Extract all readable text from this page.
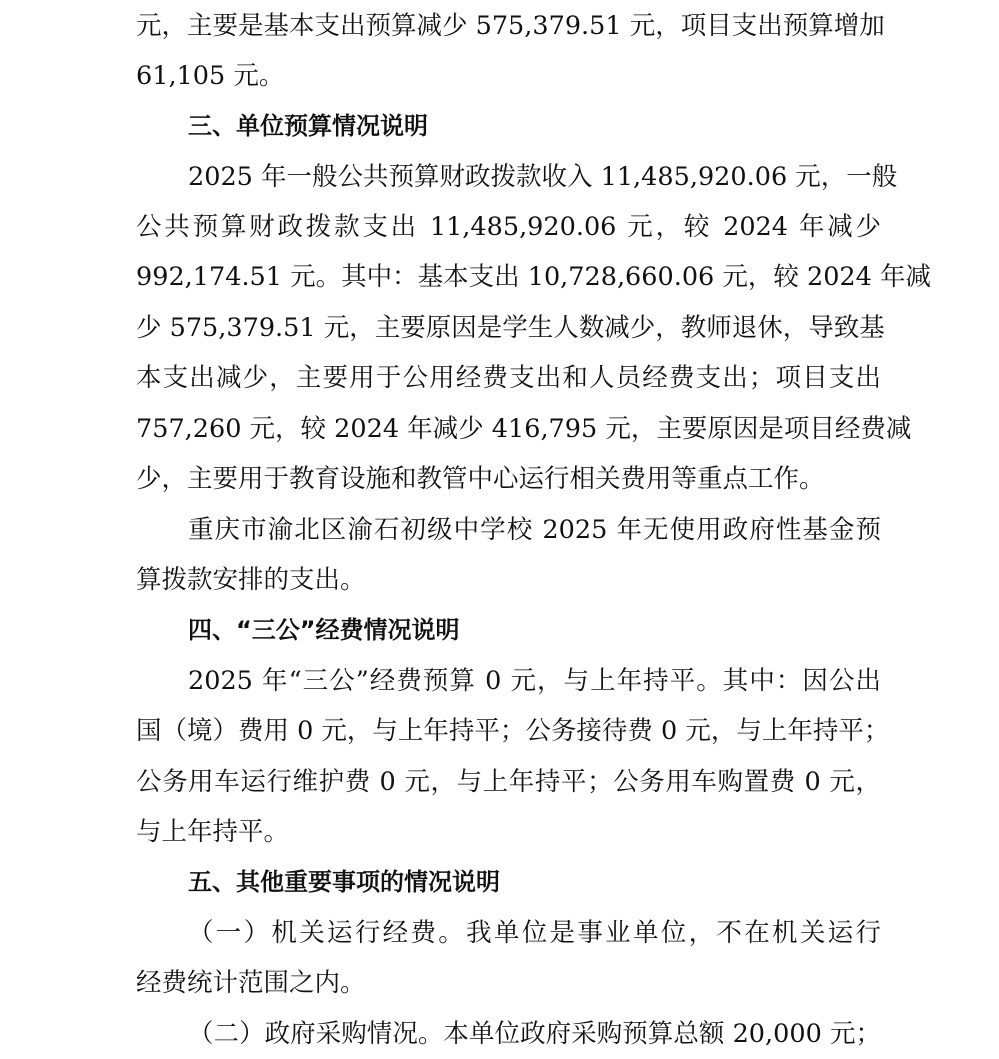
元，主要是基本支出预算减少 575,379.51 元，项目支出预算增加
61,105 元。
三、单位预算情况说明
2025 年一般公共预算财政拨款收入 11,485,920.06 元，一般
公共预算财政拨款支出 11,485,920.06 元，较 2024 年减少
992,174.51 元。其中：基本支出 10,728,660.06 元，较 2024 年减
少 575,379.51 元，主要原因是学生人数减少，教师退休，导致基
本支出减少，主要用于公用经费支出和人员经费支出；项目支出
757,260 元，较 2024 年减少 416,795 元，主要原因是项目经费减
少，主要用于教育设施和教管中心运行相关费用等重点工作。
重庆市渝北区渝石初级中学校 2025 年无使用政府性基金预
算拨款安排的支出。
四、“三公”经费情况说明
2025 年“三公”经费预算 0 元，与上年持平。其中：因公出
国（境）费用 0 元，与上年持平；公务接待费 0 元，与上年持平；
公务用车运行维护费 0 元，与上年持平；公务用车购置费 0 元，
与上年持平。
五、其他重要事项的情况说明
（一）机关运行经费。我单位是事业单位，不在机关运行
经费统计范围之内。
（二）政府采购情况。本单位政府采购预算总额 20,000 元；
